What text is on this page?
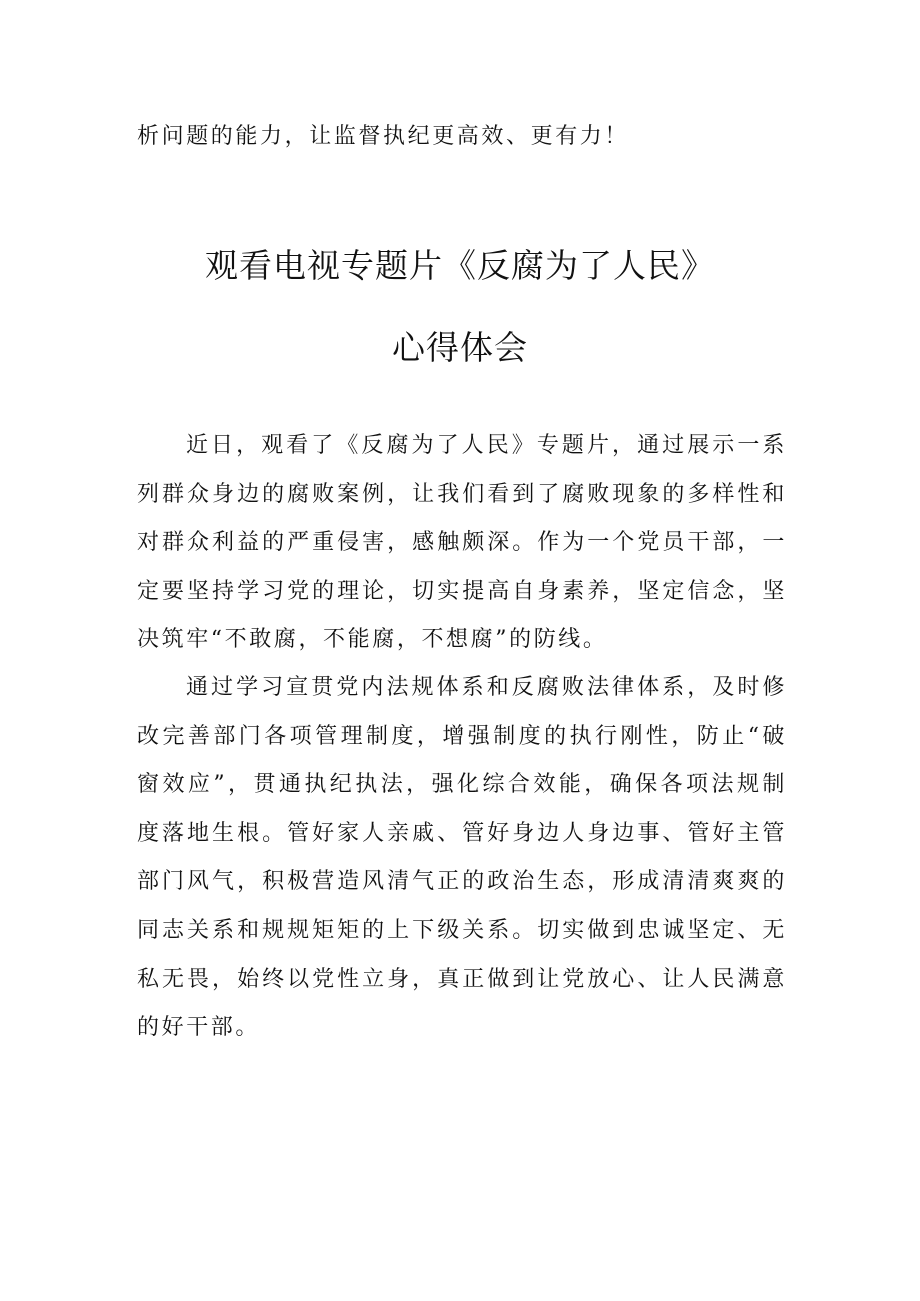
析问题的能力，让监督执纪更高效、更有力！
观看电视专题片《反腐为了人民》
心得体会

近日，观看了《反腐为了人民》专题片，通过展示一系列群众身边的腐败案例，让我们看到了腐败现象的多样性和对群众利益的严重侵害，感触颇深。作为一个党员干部，一定要坚持学习党的理论，切实提高自身素养，坚定信念，坚决筑牢“不敢腐，不能腐，不想腐”的防线。

通过学习宣贯党内法规体系和反腐败法律体系，及时修改完善部门各项管理制度，增强制度的执行刚性，防止“破窗效应”，贯通执纪执法，强化综合效能，确保各项法规制度落地生根。管好家人亲戚、管好身边人身边事、管好主管部门风气，积极营造风清气正的政治生态，形成清清爽爽的同志关系和规规矩矩的上下级关系。切实做到忠诚坚定、无私无畏，始终以党性立身，真正做到让党放心、让人民满意的好干部。
